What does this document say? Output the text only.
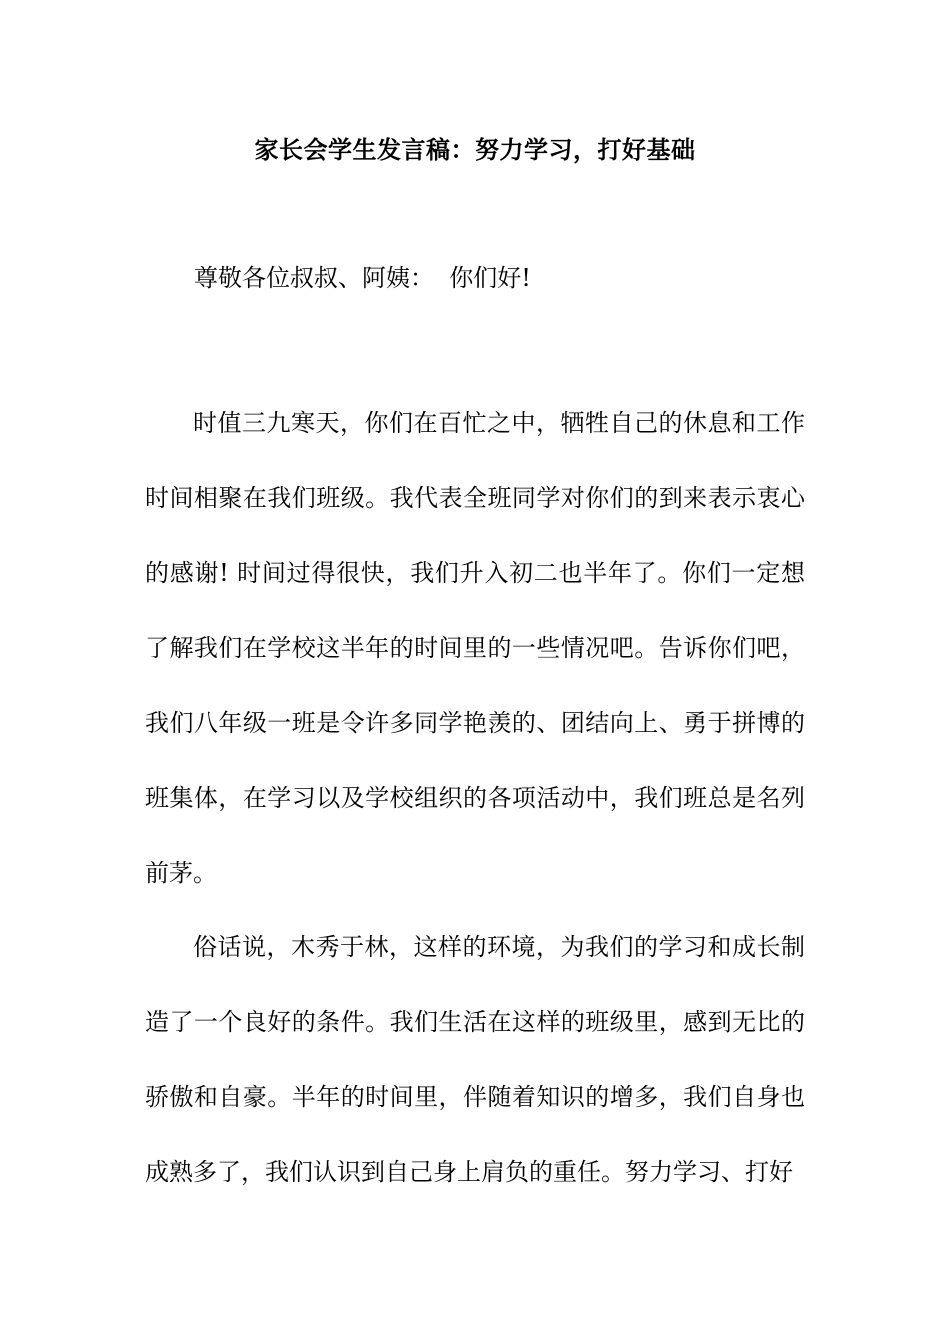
家长会学生发言稿：努力学习，打好基础
尊敬各位叔叔、阿姨：  你们好!

时值三九寒天，你们在百忙之中，牺牲自己的休息和工作时间相聚在我们班级。我代表全班同学对你们的到来表示衷心的感谢! 时间过得很快，我们升入初二也半年了。你们一定想了解我们在学校这半年的时间里的一些情况吧。告诉你们吧，我们八年级一班是令许多同学艳羡的、团结向上、勇于拼博的班集体，在学习以及学校组织的各项活动中，我们班总是名列前茅。

俗话说，木秀于林，这样的环境，为我们的学习和成长制造了一个良好的条件。我们生活在这样的班级里，感到无比的骄傲和自豪。半年的时间里，伴随着知识的增多，我们自身也成熟多了，我们认识到自己身上肩负的重任。努力学习、打好
